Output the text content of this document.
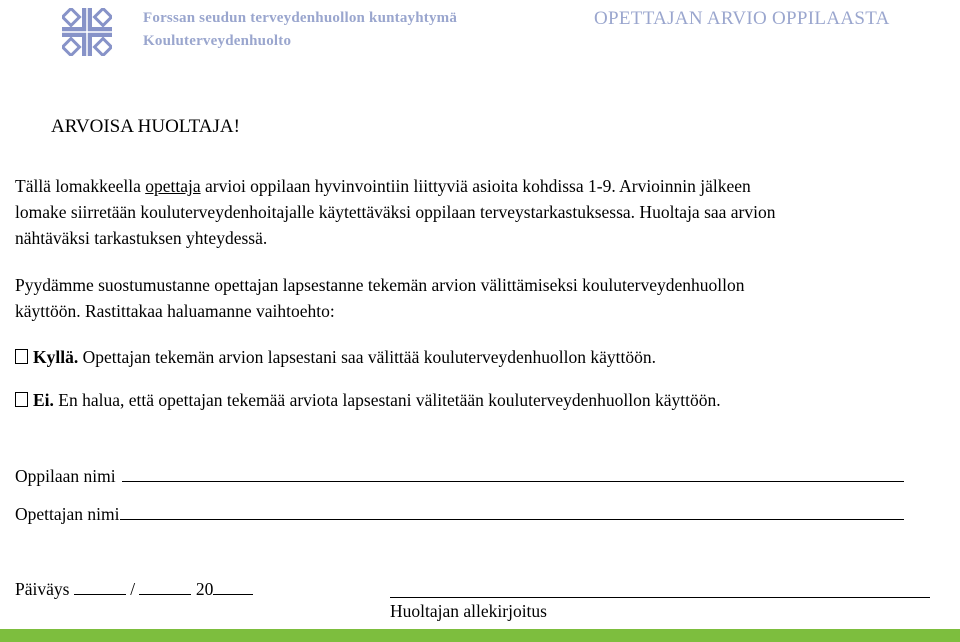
Forssan seudun terveydenhuollon kuntayhtymä
Kouluterveydenhuolto
OPETTAJAN ARVIO OPPILAASTA
ARVOISA HUOLTAJA!
Tällä lomakkeella opettaja arvioi oppilaan hyvinvointiin liittyviä asioita kohdissa 1-9. Arvioinnin jälkeen
lomake siirretään kouluterveydenhoitajalle käytettäväksi oppilaan terveystarkastuksessa. Huoltaja saa arvion
nähtäväksi tarkastuksen yhteydessä.
Pyydämme suostumustanne opettajan lapsestanne tekemän arvion välittämiseksi kouluterveydenhuollon
käyttöön. Rastittakaa haluamanne vaihtoehto:
Kyllä. Opettajan tekemän arvion lapsestani saa välittää kouluterveydenhuollon käyttöön.
Ei. En halua, että opettajan tekemää arviota lapsestani välitetään kouluterveydenhuollon käyttöön.
Oppilaan nimi
Opettajan nimi
Päiväys	/	20
Huoltajan allekirjoitus
